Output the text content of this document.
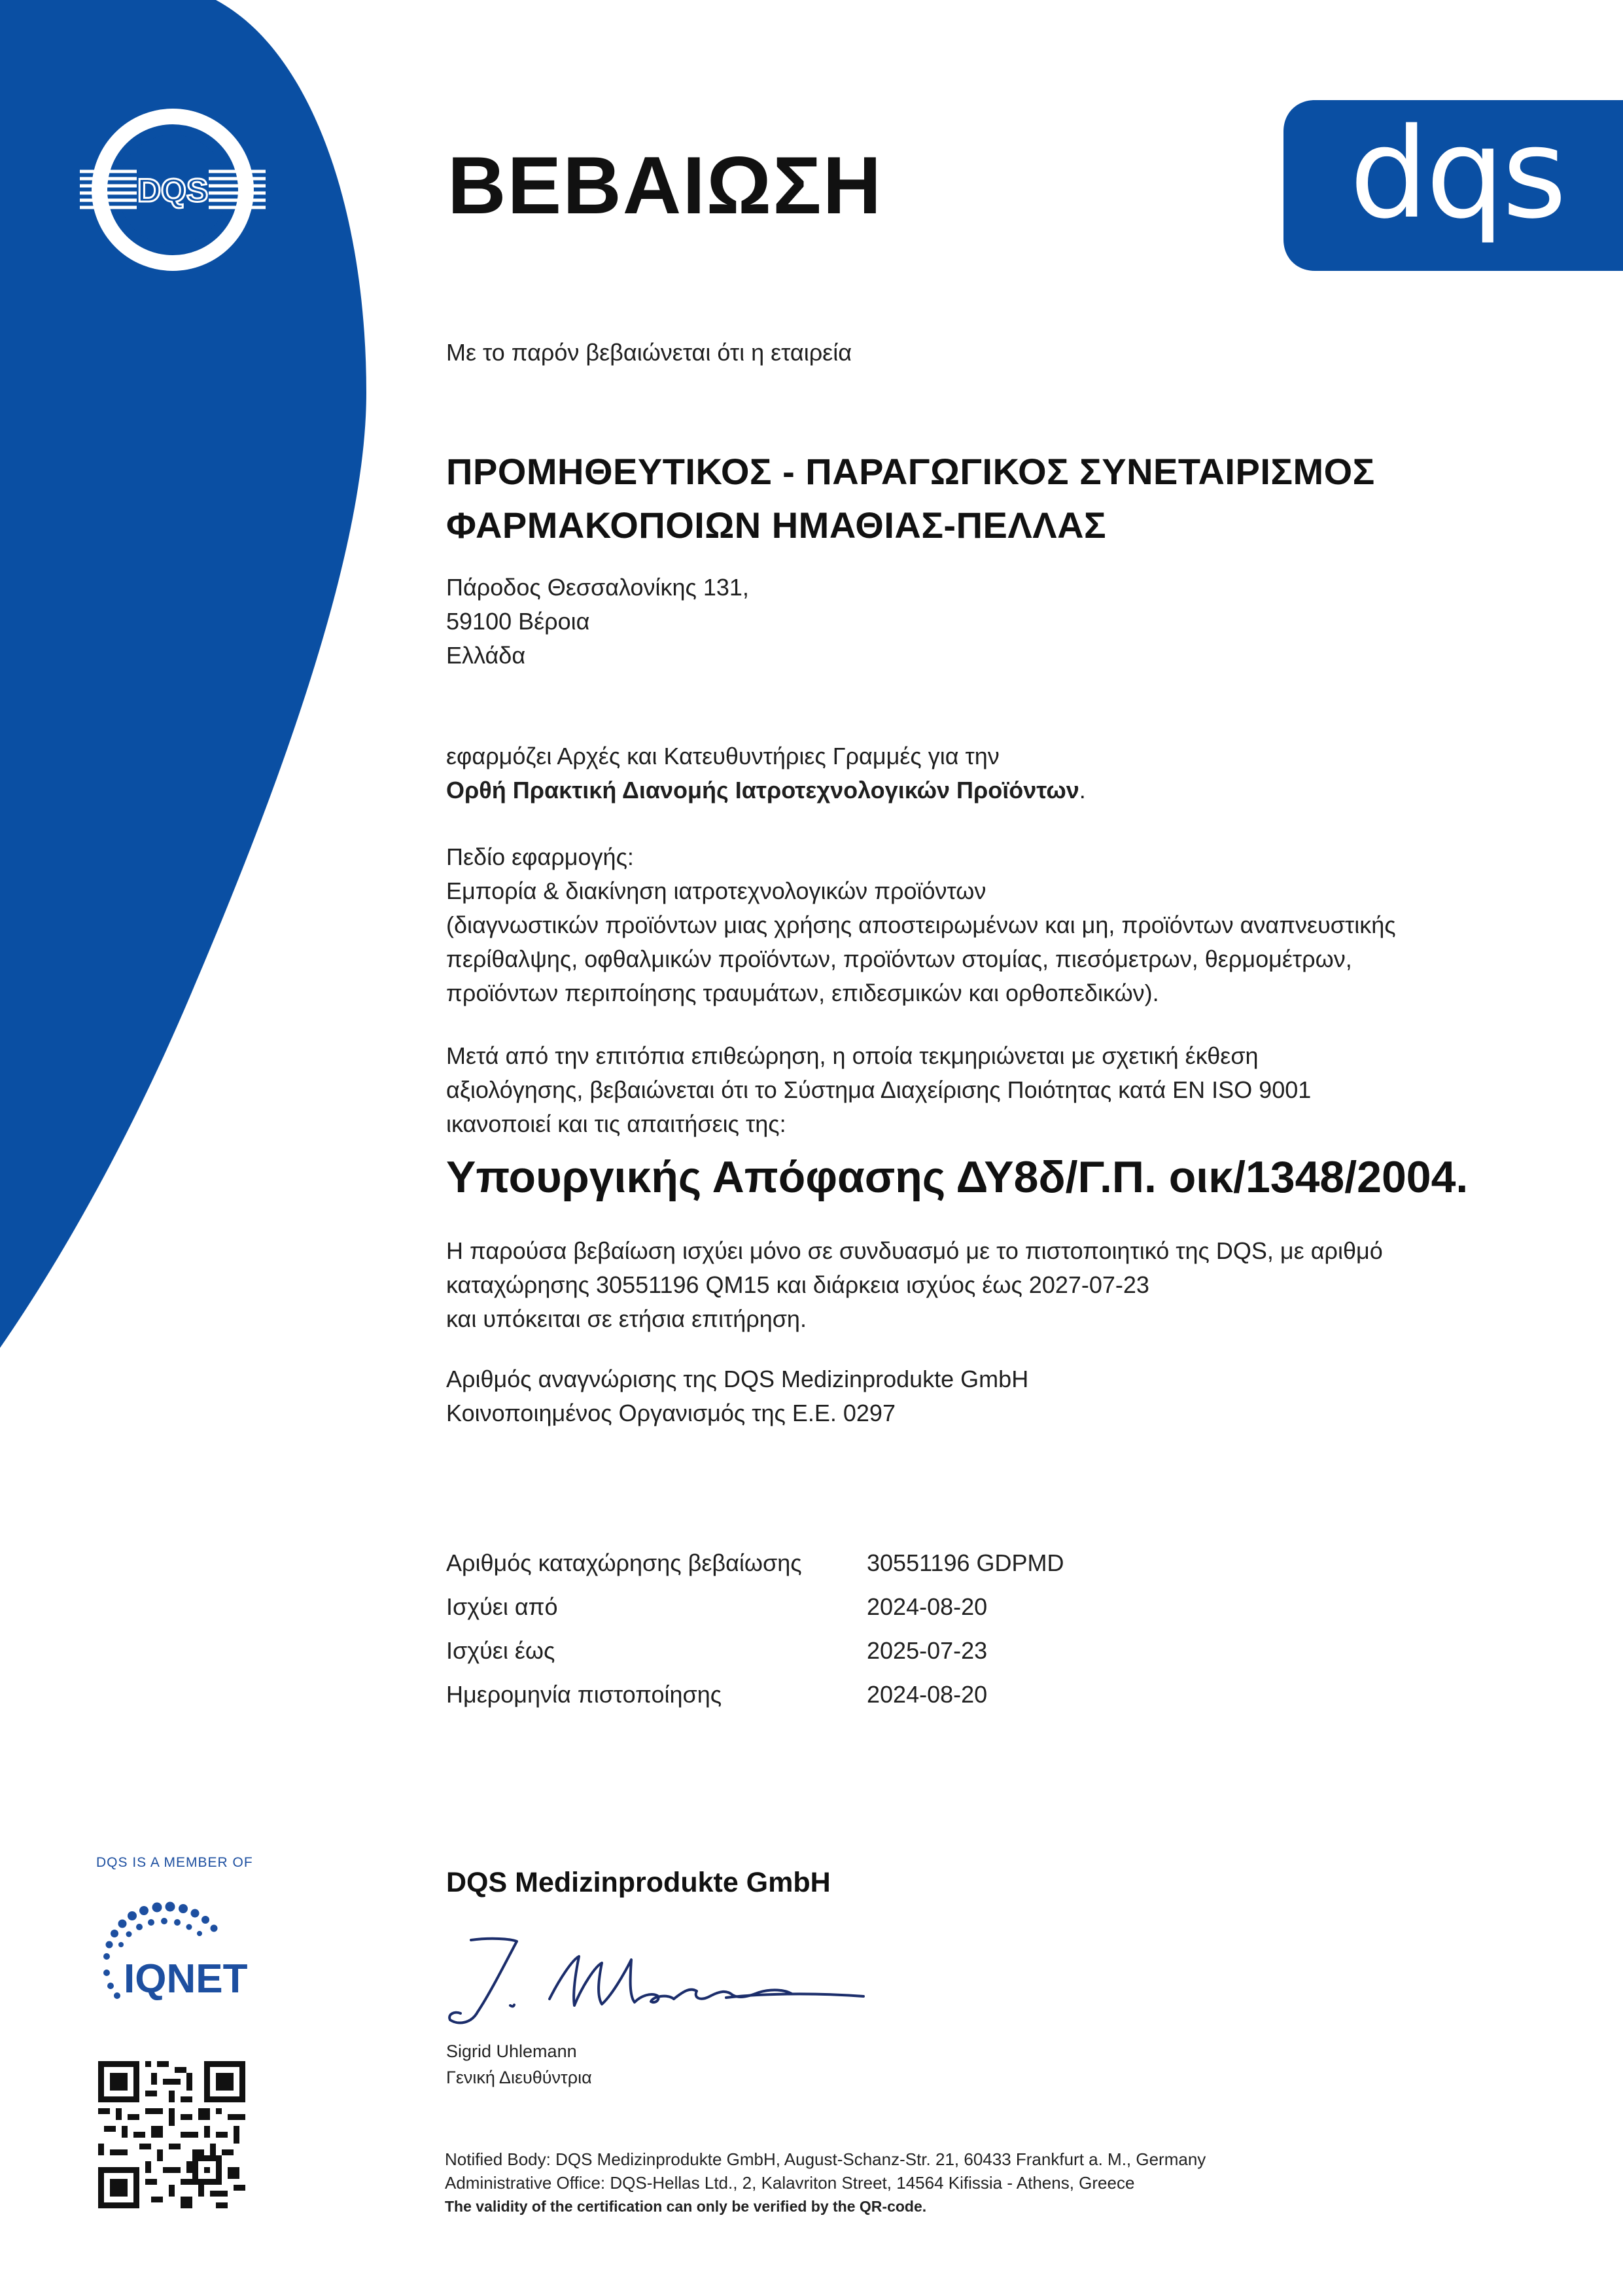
DQS	ΒΕΒΑΙΩΣΗ	dqs
Με το παρόν βεβαιώνεται ότι η εταιρεία
ΠΡΟΜΗΘΕΥΤΙΚΟΣ - ΠΑΡΑΓΩΓΙΚΟΣ ΣΥΝΕΤΑΙΡΙΣΜΟΣ
ΦΑΡΜΑΚΟΠΟΙΩΝ ΗΜΑΘΙΑΣ-ΠΕΛΛΑΣ
Πάροδος Θεσσαλονίκης 131,
59100 Βέροια
Ελλάδα
εφαρμόζει Αρχές και Κατευθυντήριες Γραμμές για την
Ορθή Πρακτική Διανομής Ιατροτεχνολογικών Προϊόντων.
Πεδίο εφαρμογής:
Εμπορία & διακίνηση ιατροτεχνολογικών προϊόντων
(διαγνωστικών προϊόντων μιας χρήσης αποστειρωμένων και μη, προϊόντων αναπνευστικής
περίθαλψης, οφθαλμικών προϊόντων, προϊόντων στομίας, πιεσόμετρων, θερμομέτρων,
προϊόντων περιποίησης τραυμάτων, επιδεσμικών και ορθοπεδικών).
Μετά από την επιτόπια επιθεώρηση, η οποία τεκμηριώνεται με σχετική έκθεση
αξιολόγησης, βεβαιώνεται ότι το Σύστημα Διαχείρισης Ποιότητας κατά EN ISO 9001
ικανοποιεί και τις απαιτήσεις της:
Υπουργικής Απόφασης ΔΥ8δ/Γ.Π. οικ/1348/2004.
Η παρούσα βεβαίωση ισχύει μόνο σε συνδυασμό με το πιστοποιητικό της DQS, με αριθμό
καταχώρησης 30551196 QM15 και διάρκεια ισχύος έως 2027-07-23
και υπόκειται σε ετήσια επιτήρηση.
Αριθμός αναγνώρισης της DQS Medizinprodukte GmbH
Κοινοποιημένος Οργανισμός της Ε.Ε. 0297
Αριθμός καταχώρησης βεβαίωσης	30551196 GDPMD
Ισχύει από	2024-08-20
Ισχύει έως	2025-07-23
Ημερομηνία πιστοποίησης	2024-08-20
DQS IS A MEMBER OF
IQNET
DQS Medizinprodukte GmbH
Sigrid Uhlemann
Γενική Διευθύντρια
Notified Body: DQS Medizinprodukte GmbH, August-Schanz-Str. 21, 60433 Frankfurt a. M., Germany
Administrative Office: DQS-Hellas Ltd., 2, Kalavriton Street, 14564 Kifissia - Athens, Greece
The validity of the certification can only be verified by the QR-code.
